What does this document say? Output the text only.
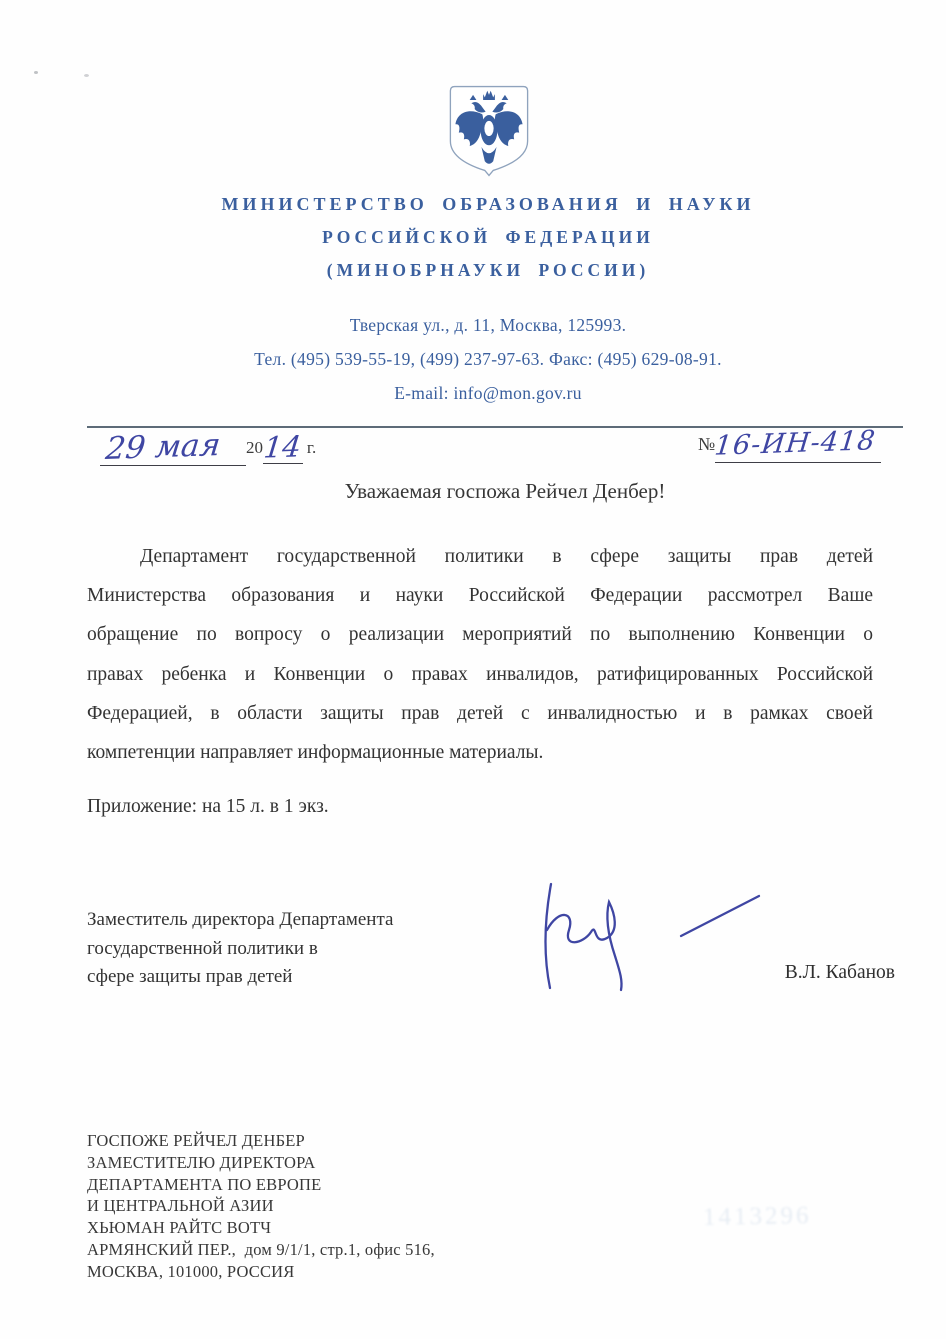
МИНИСТЕРСТВО ОБРАЗОВАНИЯ И НАУКИ
РОССИЙСКОЙ ФЕДЕРАЦИИ
(МИНОБРНАУКИ РОССИИ)
Тверская ул., д. 11, Москва, 125993.
Тел. (495) 539-55-19, (499) 237-97-63. Факс: (495) 629-08-91.
E-mail: info@mon.gov.ru
29 мая 2014 г.	№16-ИН-418
Уважаемая госпожа Рейчел Денбер!
Департамент государственной политики в сфере защиты прав детей
Министерства образования и науки Российской Федерации рассмотрел Ваше
обращение по вопросу о реализации мероприятий по выполнению Конвенции о
правах ребенка и Конвенции о правах инвалидов, ратифицированных Российской
Федерацией, в области защиты прав детей с инвалидностью и в рамках своей
компетенции направляет информационные материалы.
Приложение: на 15 л. в 1 экз.
Заместитель директора Департамента
государственной политики в
сфере защиты прав детей	В.Л. Кабанов
ГОСПОЖЕ РЕЙЧЕЛ ДЕНБЕР
ЗАМЕСТИТЕЛЮ ДИРЕКТОРА
ДЕПАРТАМЕНТА ПО ЕВРОПЕ
И ЦЕНТРАЛЬНОЙ АЗИИ
ХЬЮМАН РАЙТС ВОТЧ
АРМЯНСКИЙ ПЕР.,  дом 9/1/1, стр.1, офис 516,
МОСКВА, 101000, РОССИЯ
1413296
